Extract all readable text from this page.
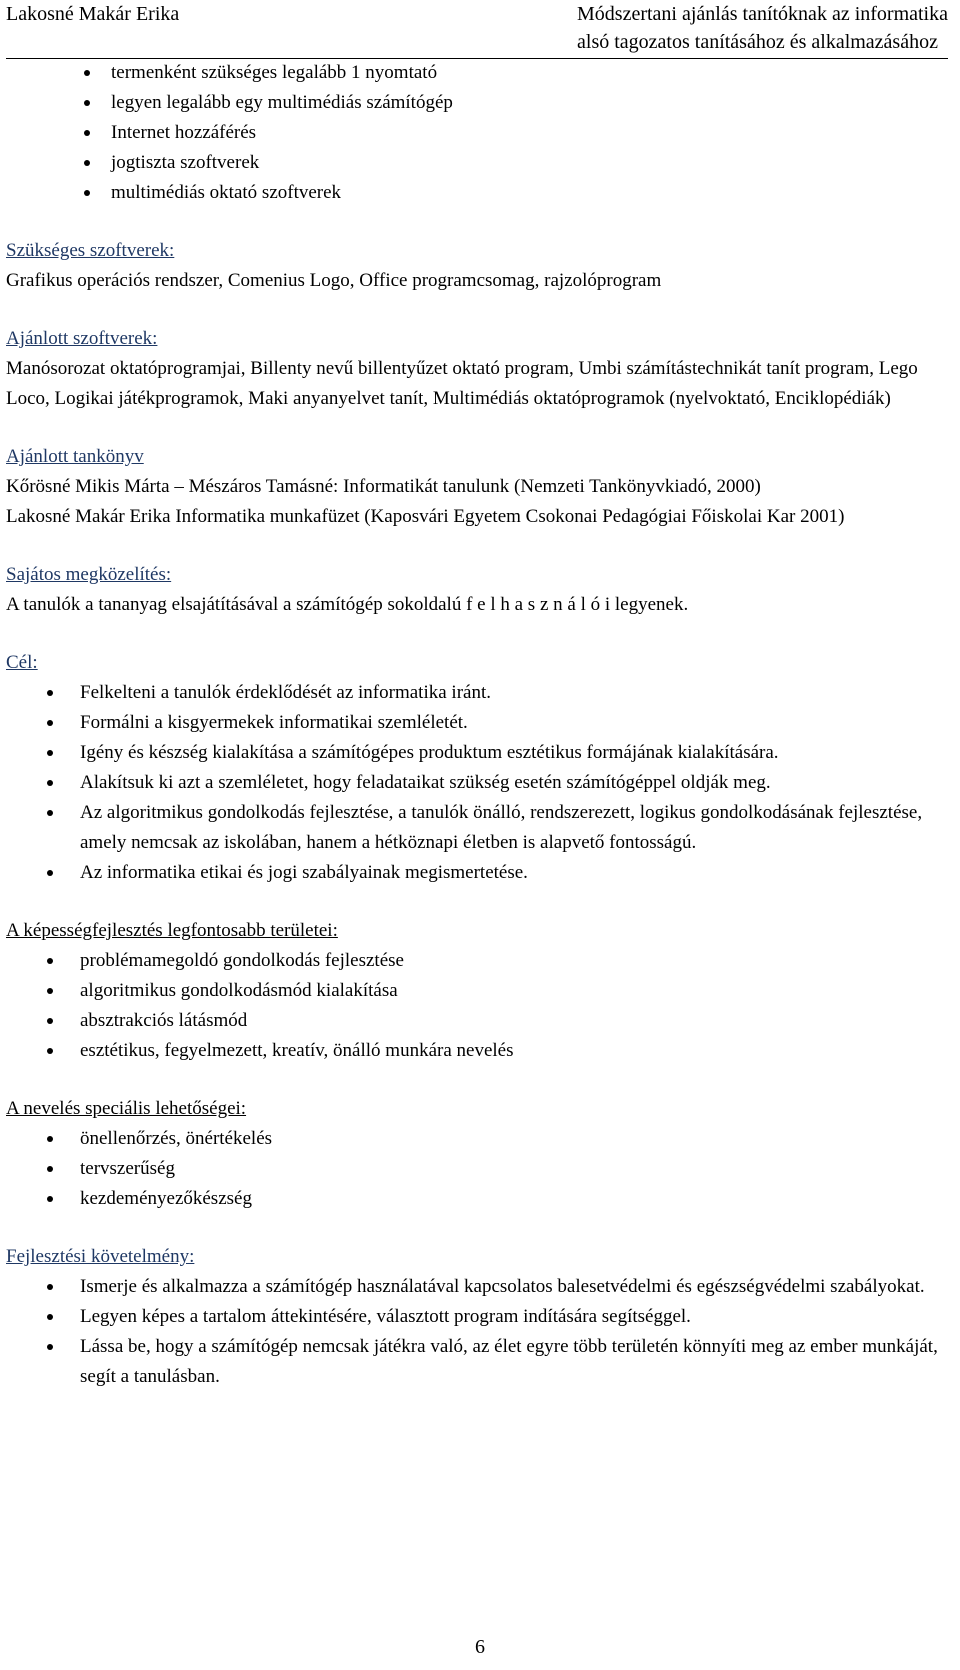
Lakosné Makár Erika	Módszertani ajánlás tanítóknak az informatika
alsó tagozatos tanításához és alkalmazásához
termenként szükséges legalább 1 nyomtató
legyen legalább egy multimédiás számítógép
Internet hozzáférés
jogtiszta szoftverek
multimédiás oktató szoftverek

Szükséges szoftverek:

Grafikus operációs rendszer, Comenius Logo, Office programcsomag, rajzolóprogram

Ajánlott szoftverek:

Manósorozat oktatóprogramjai, Billenty nevű billentyűzet oktató program, Umbi számítástechnikát tanít program, Lego Loco, Logikai játékprogramok, Maki anyanyelvet tanít, Multimédiás oktatóprogramok (nyelvoktató, Enciklopédiák)

Ajánlott tankönyv

Kőrösné Mikis Márta – Mészáros Tamásné: Informatikát tanulunk (Nemzeti Tankönyvkiadó, 2000)

Lakosné Makár Erika Informatika munkafüzet (Kaposvári Egyetem Csokonai Pedagógiai Főiskolai Kar 2001)

Sajátos megközelítés:

A tanulók a tananyag elsajátításával a számítógép sokoldalú f e l h a s z n á l ó i legyenek.

Cél:

Felkelteni a tanulók érdeklődését az informatika iránt.
Formálni a kisgyermekek informatikai szemléletét.
Igény és készség kialakítása a számítógépes produktum esztétikus formájának kialakítására.
Alakítsuk ki azt a szemléletet, hogy feladataikat szükség esetén számítógéppel oldják meg.
Az algoritmikus gondolkodás fejlesztése, a tanulók önálló, rendszerezett, logikus gondolkodásának fejlesztése, amely nemcsak az iskolában, hanem a hétköznapi életben is alapvető fontosságú.
Az informatika etikai és jogi szabályainak megismertetése.

A képességfejlesztés legfontosabb területei:

problémamegoldó gondolkodás fejlesztése
algoritmikus gondolkodásmód kialakítása
absztrakciós látásmód
esztétikus, fegyelmezett, kreatív, önálló munkára nevelés

A nevelés speciális lehetőségei:

önellenőrzés, önértékelés
tervszerűség
kezdeményezőkészség

Fejlesztési követelmény:

Ismerje és alkalmazza a számítógép használatával kapcsolatos balesetvédelmi és egészségvédelmi szabályokat.
Legyen képes a tartalom áttekintésére, választott program indítására segítséggel.
Lássa be, hogy a számítógép nemcsak játékra való, az élet egyre több területén könnyíti meg az ember munkáját, segít a tanulásban.
6
